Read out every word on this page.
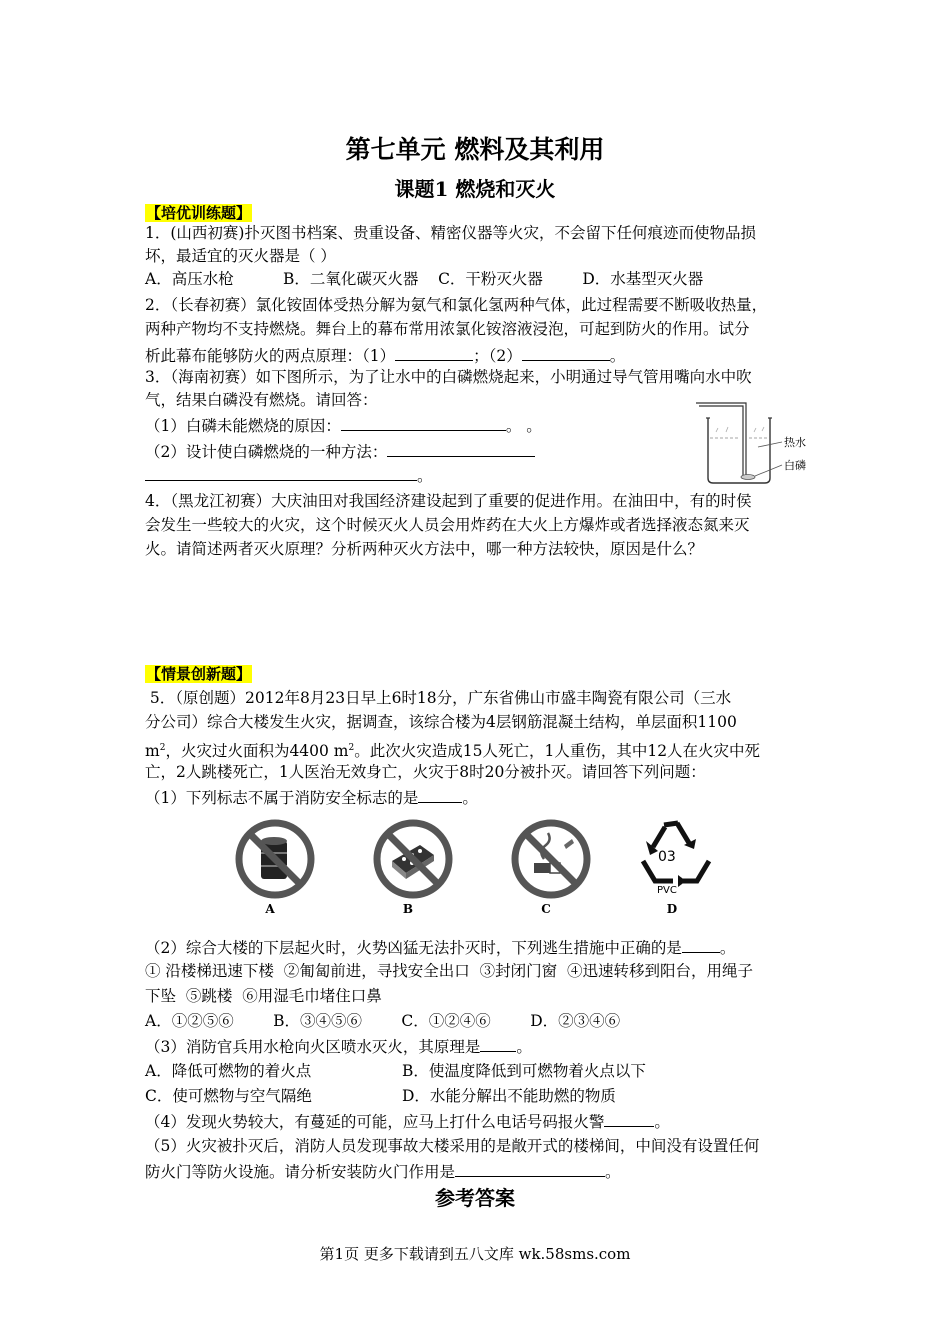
第七单元 燃料及其利用
课题1 燃烧和灭火
【培优训练题】
1．(山西初赛)扑灭图书档案、贵重设备、精密仪器等火灾，不会留下任何痕迹而使物品损
坏，最适宜的灭火器是（ ）
A．高压水枪          B．二氧化碳灭火器    C．干粉灭火器        D．水基型灭火器
2．（长春初赛）氯化铵固体受热分解为氨气和氯化氢两种气体，此过程需要不断吸收热量，
两种产物均不支持燃烧。舞台上的幕布常用浓氯化铵溶液浸泡，可起到防火的作用。试分
析此幕布能够防火的两点原理：（1）	；（2）	。
3．（海南初赛）如下图所示，为了让水中的白磷燃烧起来，小明通过导气管用嘴向水中吹
气，结果白磷没有燃烧。请回答：
（1）白磷未能燃烧的原因：	。 。
（2）设计使白磷燃烧的一种方法：
。
热水
白磷
4．（黑龙江初赛）大庆油田对我国经济建设起到了重要的促进作用。在油田中，有的时侯
会发生一些较大的火灾，这个时候灭火人员会用炸药在大火上方爆炸或者选择液态氮来灭
火。请简述两者灭火原理？分析两种灭火方法中，哪一种方法较快，原因是什么？
【情景创新题】
5．（原创题）2012年8月23日早上6时18分，广东省佛山市盛丰陶瓷有限公司（三水
分公司）综合大楼发生火灾，据调查，该综合楼为4层钢筋混凝土结构，单层面积1100
$m^2$，火灾过火面积为4400 $m^2$。此次火灾造成15人死亡，1人重伤，其中12人在火灾中死
亡，2人跳楼死亡，1人医治无效身亡，火灾于8时20分被扑灭。请回答下列问题：
（1）下列标志不属于消防安全标志的是	。
A	B	C
03
PVC
D
（2）综合大楼的下层起火时，火势凶猛无法扑灭时，下列逃生措施中正确的是 。
① 沿楼梯迅速下楼  ②匍匐前进，寻找安全出口  ③封闭门窗  ④迅速转移到阳台，用绳子
下坠  ⑤跳楼  ⑥用湿毛巾堵住口鼻
A．①②⑤⑥        B．③④⑤⑥        C．①②④⑥        D．②③④⑥
（3）消防官兵用水枪向火区喷水灭火，其原理是 。
A．降低可燃物的着火点	B．使温度降低到可燃物着火点以下
C．使可燃物与空气隔绝	D．水能分解出不能助燃的物质
（4）发现火势较大，有蔓延的可能，应马上打什么电话号码报火警	。
（5）火灾被扑灭后，消防人员发现事故大楼采用的是敞开式的楼梯间，中间没有设置任何
防火门等防火设施。请分析安装防火门作用是	。
参考答案
第1页 更多下载请到五八文库 wk.58sms.com
